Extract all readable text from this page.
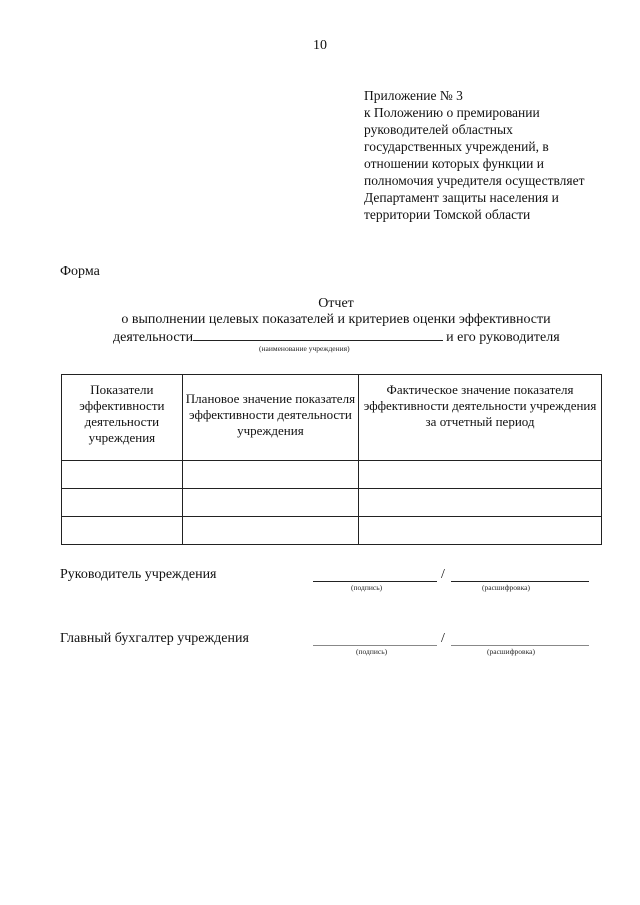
10
Приложение № 3
к Положению о премировании
руководителей областных
государственных учреждений, в
отношении которых функции и
полномочия учредителя осуществляет
Департамент защиты населения и
территории Томской области
Форма
Отчет
о выполнении целевых показателей и критериев оценки эффективности
деятельности	и его руководителя
(наименование учреждения)
Показатели эффективности деятельности учреждения	Плановое значение показателя эффективности деятельности учреждения	Фактическое значение показателя эффективности деятельности учреждения за отчетный период

Руководитель учреждения	/
(подпись)	(расшифровка)
Главный бухгалтер учреждения	/
(подпись)	(расшифровка)
